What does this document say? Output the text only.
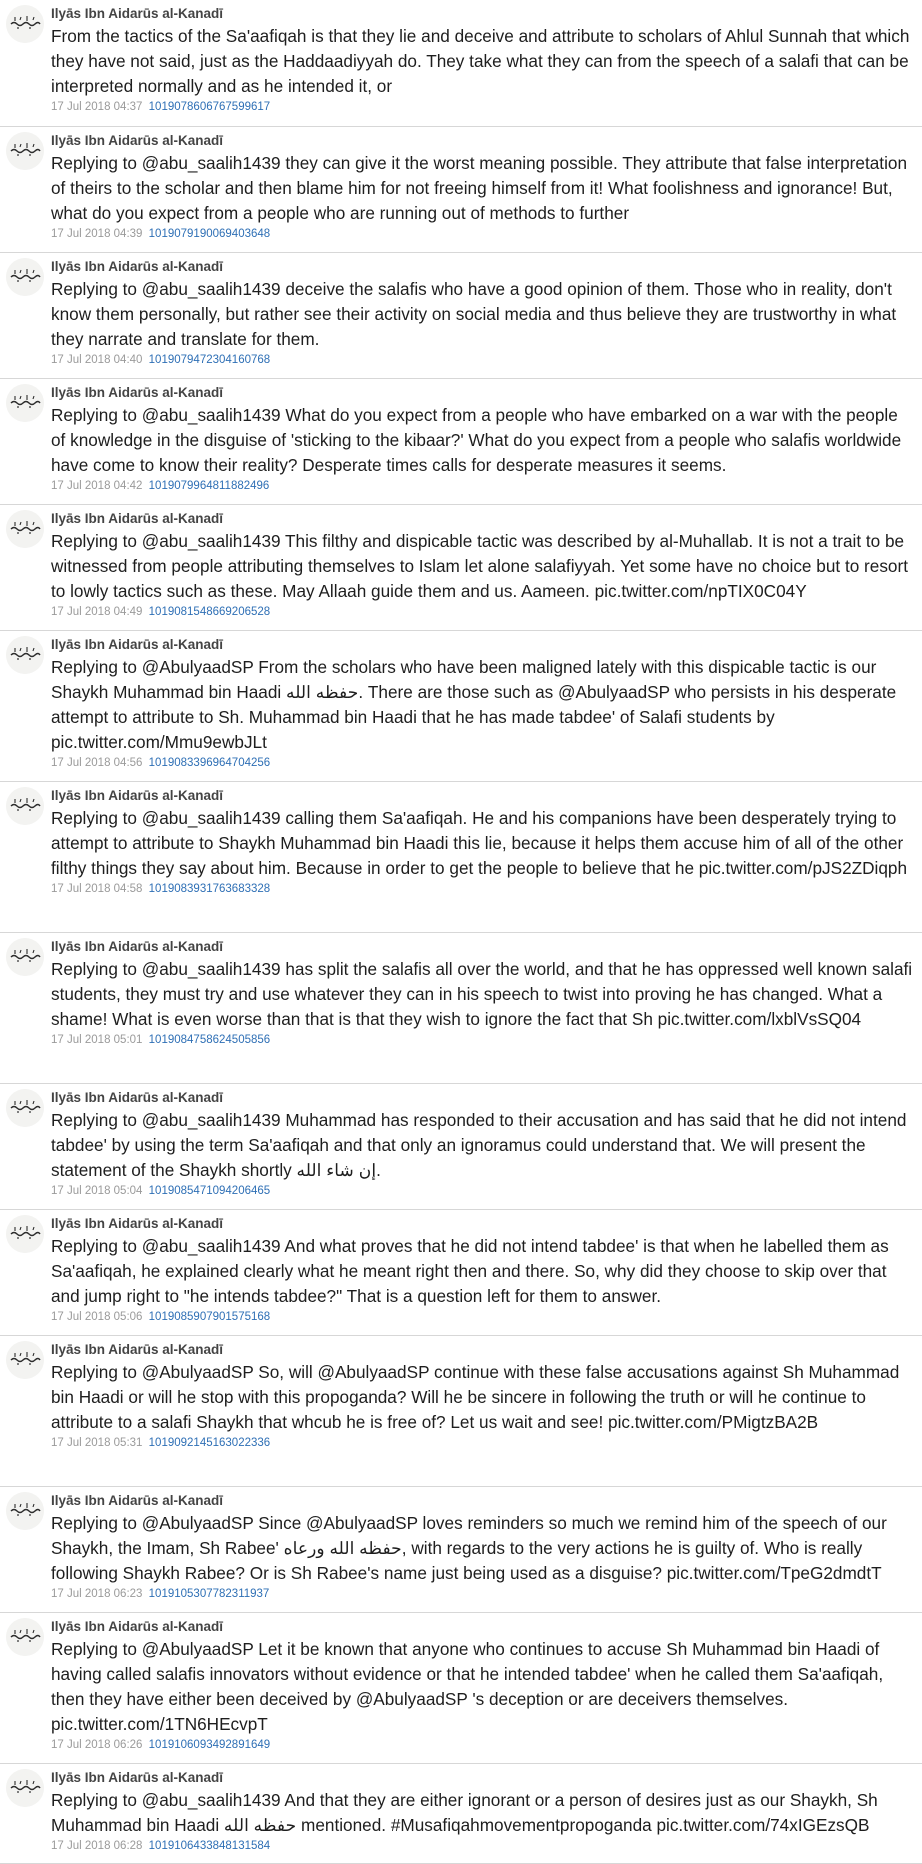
Ilyās Ibn Aidarūs al-Kanadī
From the tactics of the Sa'aafiqah is that they lie and deceive and attribute to scholars of Ahlul Sunnah that which they have not said, just as the Haddaadiyyah do. They take what they can from the speech of a salafi that can be interpreted normally and as he intended it, or
17 Jul 2018 04:37 1019078606767599617
Ilyās Ibn Aidarūs al-Kanadī
Replying to @abu_saalih1439 they can give it the worst meaning possible. They attribute that false interpretation of theirs to the scholar and then blame him for not freeing himself from it! What foolishness and ignorance! But, what do you expect from a people who are running out of methods to further
17 Jul 2018 04:39 1019079190069403648
Ilyās Ibn Aidarūs al-Kanadī
Replying to @abu_saalih1439 deceive the salafis who have a good opinion of them. Those who in reality, don't know them personally, but rather see their activity on social media and thus believe they are trustworthy in what they narrate and translate for them.
17 Jul 2018 04:40 1019079472304160768
Ilyās Ibn Aidarūs al-Kanadī
Replying to @abu_saalih1439 What do you expect from a people who have embarked on a war with the people of knowledge in the disguise of 'sticking to the kibaar?' What do you expect from a people who salafis worldwide have come to know their reality? Desperate times calls for desperate measures it seems.
17 Jul 2018 04:42 1019079964811882496
Ilyās Ibn Aidarūs al-Kanadī
Replying to @abu_saalih1439 This filthy and dispicable tactic was described by al-Muhallab. It is not a trait to be witnessed from people attributing themselves to Islam let alone salafiyyah. Yet some have no choice but to resort to lowly tactics such as these. May Allaah guide them and us. Aameen. pic.twitter.com/npTIX0C04Y
17 Jul 2018 04:49 1019081548669206528
Ilyās Ibn Aidarūs al-Kanadī
Replying to @AbulyaadSP From the scholars who have been maligned lately with this dispicable tactic is our Shaykh Muhammad bin Haadi حفظه الله. There are those such as @AbulyaadSP who persists in his desperate attempt to attribute to Sh. Muhammad bin Haadi that he has made tabdee' of Salafi students by pic.twitter.com/Mmu9ewbJLt
17 Jul 2018 04:56 1019083396964704256
Ilyās Ibn Aidarūs al-Kanadī
Replying to @abu_saalih1439 calling them Sa'aafiqah. He and his companions have been desperately trying to attempt to attribute to Shaykh Muhammad bin Haadi this lie, because it helps them accuse him of all of the other filthy things they say about him. Because in order to get the people to believe that he pic.twitter.com/pJS2ZDiqph
17 Jul 2018 04:58 1019083931763683328
Ilyās Ibn Aidarūs al-Kanadī
Replying to @abu_saalih1439 has split the salafis all over the world, and that he has oppressed well known salafi students, they must try and use whatever they can in his speech to twist into proving he has changed. What a shame! What is even worse than that is that they wish to ignore the fact that Sh pic.twitter.com/lxblVsSQ04
17 Jul 2018 05:01 1019084758624505856
Ilyās Ibn Aidarūs al-Kanadī
Replying to @abu_saalih1439 Muhammad has responded to their accusation and has said that he did not intend tabdee' by using the term Sa'aafiqah and that only an ignoramus could understand that. We will present the statement of the Shaykh shortly إن شاء الله.
17 Jul 2018 05:04 1019085471094206465
Ilyās Ibn Aidarūs al-Kanadī
Replying to @abu_saalih1439 And what proves that he did not intend tabdee' is that when he labelled them as Sa'aafiqah, he explained clearly what he meant right then and there. So, why did they choose to skip over that and jump right to "he intends tabdee?" That is a question left for them to answer.
17 Jul 2018 05:06 1019085907901575168
Ilyās Ibn Aidarūs al-Kanadī
Replying to @AbulyaadSP So, will @AbulyaadSP continue with these false accusations against Sh Muhammad bin Haadi or will he stop with this propoganda? Will he be sincere in following the truth or will he continue to attribute to a salafi Shaykh that whcub he is free of? Let us wait and see! pic.twitter.com/PMigtzBA2B
17 Jul 2018 05:31 1019092145163022336
Ilyās Ibn Aidarūs al-Kanadī
Replying to @AbulyaadSP Since @AbulyaadSP loves reminders so much we remind him of the speech of our Shaykh, the Imam, Sh Rabee' حفظه الله ورعاه, with regards to the very actions he is guilty of. Who is really following Shaykh Rabee? Or is Sh Rabee's name just being used as a disguise? pic.twitter.com/TpeG2dmdtT
17 Jul 2018 06:23 1019105307782311937
Ilyās Ibn Aidarūs al-Kanadī
Replying to @AbulyaadSP Let it be known that anyone who continues to accuse Sh Muhammad bin Haadi of having called salafis innovators without evidence or that he intended tabdee' when he called them Sa'aafiqah, then they have either been deceived by @AbulyaadSP 's deception or are deceivers themselves. pic.twitter.com/1TN6HEcvpT
17 Jul 2018 06:26 1019106093492891649
Ilyās Ibn Aidarūs al-Kanadī
Replying to @abu_saalih1439 And that they are either ignorant or a person of desires just as our Shaykh, Sh Muhammad bin Haadi حفظه الله mentioned. #Musafiqahmovementpropoganda pic.twitter.com/74xIGEzsQB
17 Jul 2018 06:28 1019106433848131584
